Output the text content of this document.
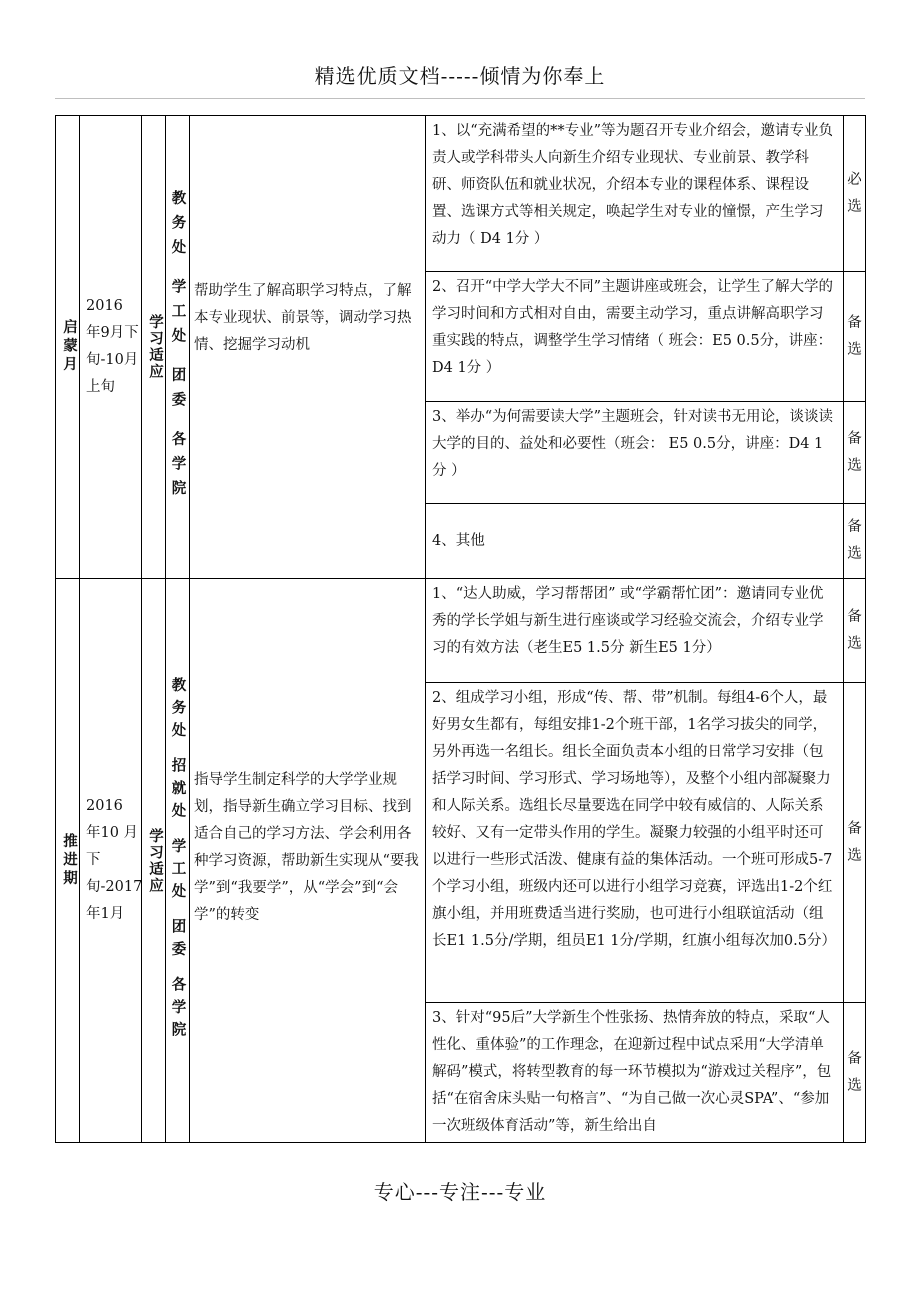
精选优质文档-----倾情为你奉上
启蒙月	2016 年9月下旬-10月上旬	学习适应	教务处 学工处 团委 各学院	帮助学生了解高职学习特点，了解本专业现状、前景等，调动学习热情、挖掘学习动机	1、以“充满希望的**专业”等为题召开专业介绍会，邀请专业负责人或学科带头人向新生介绍专业现状、专业前景、教学科研、师资队伍和就业状况，介绍本专业的课程体系、课程设置、选课方式等相关规定，唤起学生对专业的憧憬，产生学习动力（ D4 1分 ）	必选
					2、召开“中学大学大不同”主题讲座或班会，让学生了解大学的学习时间和方式相对自由，需要主动学习，重点讲解高职学习重实践的特点，调整学生学习情绪（ 班会：E5 0.5分，讲座：D4 1分 ）	备选
					3、举办“为何需要读大学”主题班会，针对读书无用论，谈谈读大学的目的、益处和必要性（班会： E5 0.5分，讲座：D4 1分 ）	备选
					4、其他	备选

推进期	2016 年10 月下旬-2017年1月	学习适应	教务处 招就处 学工处 团委 各学院	指导学生制定科学的大学学业规划，指导新生确立学习目标、找到适合自己的学习方法、学会利用各种学习资源，帮助新生实现从“要我学”到“我要学”，从“学会”到“会学”的转变	1、“达人助威，学习帮帮团” 或“学霸帮忙团”：邀请同专业优秀的学长学姐与新生进行座谈或学习经验交流会，介绍专业学习的有效方法（老生E5 1.5分 新生E5 1分）	备选
					2、组成学习小组，形成“传、帮、带”机制。每组4-6个人，最好男女生都有，每组安排1-2个班干部，1名学习拔尖的同学，另外再选一名组长。组长全面负责本小组的日常学习安排（包括学习时间、学习形式、学习场地等），及整个小组内部凝聚力和人际关系。选组长尽量要选在同学中较有威信的、人际关系较好、又有一定带头作用的学生。凝聚力较强的小组平时还可以进行一些形式活泼、健康有益的集体活动。一个班可形成5-7个学习小组，班级内还可以进行小组学习竞赛，评选出1-2个红旗小组，并用班费适当进行奖励，也可进行小组联谊活动（组长E1 1.5分/学期，组员E1 1分/学期，红旗小组每次加0.5分）	备选
					3、针对“95后”大学新生个性张扬、热情奔放的特点，采取“人性化、重体验”的工作理念，在迎新过程中试点采用“大学清单解码”模式，将转型教育的每一环节模拟为“游戏过关程序”，包括“在宿舍床头贴一句格言”、“为自己做一次心灵SPA”、“参加一次班级体育活动”等，新生给出自	备选
专心---专注---专业
